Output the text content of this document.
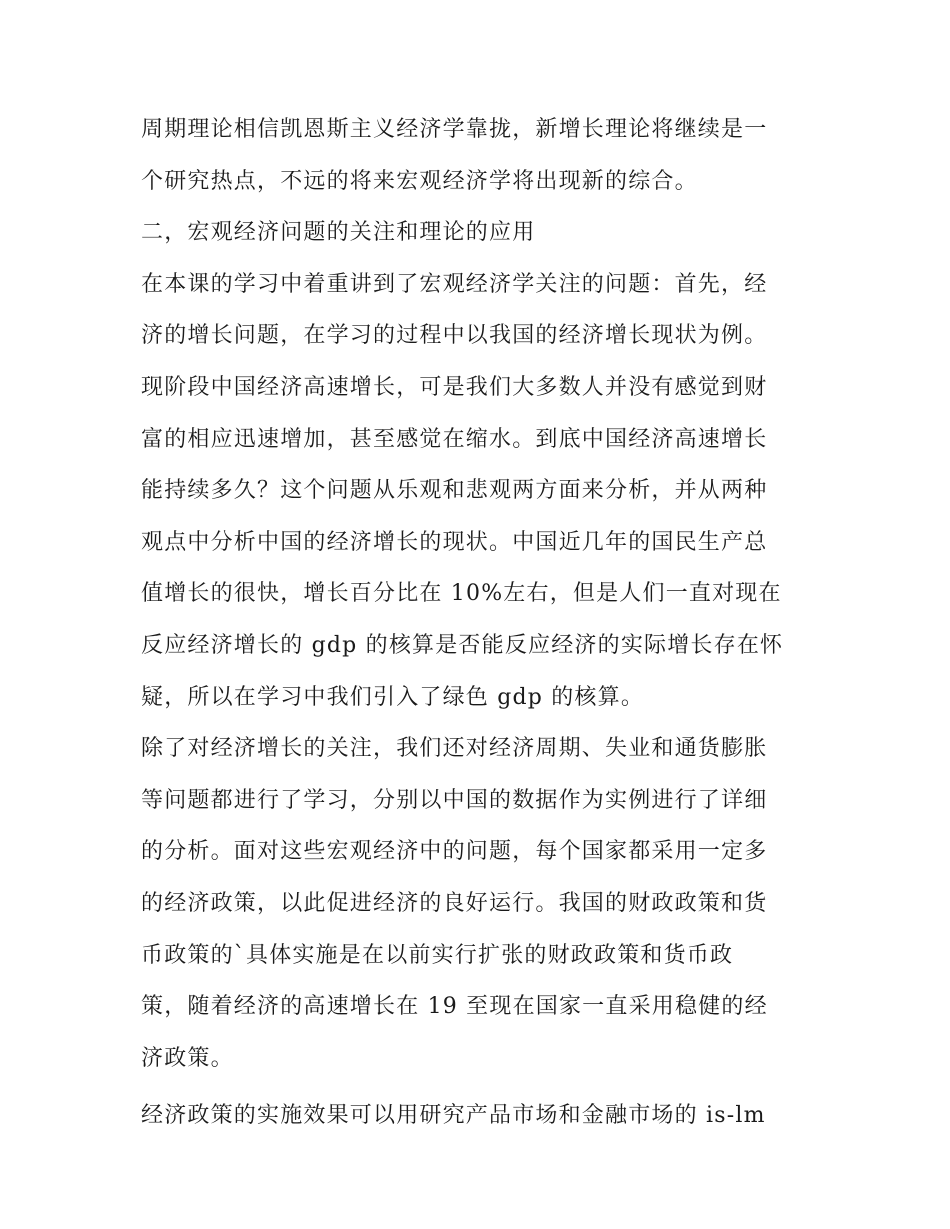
周期理论相信凯恩斯主义经济学靠拢，新增长理论将继续是一
个研究热点，不远的将来宏观经济学将出现新的综合。
二，宏观经济问题的关注和理论的应用
在本课的学习中着重讲到了宏观经济学关注的问题：首先，经
济的增长问题，在学习的过程中以我国的经济增长现状为例。
现阶段中国经济高速增长，可是我们大多数人并没有感觉到财
富的相应迅速增加，甚至感觉在缩水。到底中国经济高速增长
能持续多久？这个问题从乐观和悲观两方面来分析，并从两种
观点中分析中国的经济增长的现状。中国近几年的国民生产总
值增长的很快，增长百分比在 10%左右，但是人们一直对现在
反应经济增长的 gdp 的核算是否能反应经济的实际增长存在怀
疑，所以在学习中我们引入了绿色 gdp 的核算。
除了对经济增长的关注，我们还对经济周期、失业和通货膨胀
等问题都进行了学习，分别以中国的数据作为实例进行了详细
的分析。面对这些宏观经济中的问题，每个国家都采用一定多
的经济政策，以此促进经济的良好运行。我国的财政政策和货
币政策的`具体实施是在以前实行扩张的财政政策和货币政
策，随着经济的高速增长在 19 至现在国家一直采用稳健的经
济政策。
经济政策的实施效果可以用研究产品市场和金融市场的 is-lm
